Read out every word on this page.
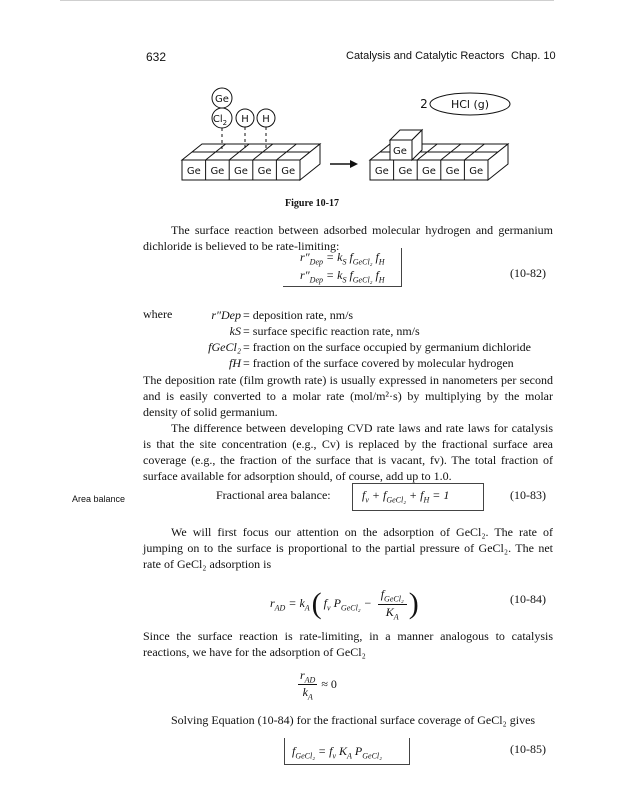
632	Catalysis and Catalytic Reactors Chap. 10
Ge Ge Ge Ge Ge	Ge Ge Ge Ge Ge
Ge
Ge
$Cl_2$ H H
HCl (g)
2
Figure 10-17

The surface reaction between adsorbed molecular hydrogen and germanium dichloride is believed to be rate-limiting:

$r''_{Dep} = k_S$ $f_{GeCl_2}$ $f_H$
$r''_{Dep} = k_S$ $f_{GeCl_2}$ $f_H$	(10-82)
where	r″Dep = deposition rate, nm/s
kS = surface specific reaction rate, nm/s
fGeCl₂ = fraction on the surface occupied by germanium dichloride
fH = fraction of the surface covered by molecular hydrogen

The deposition rate (film growth rate) is usually expressed in nanometers per second and is easily converted to a molar rate (mol/m²·s) by multiplying by the molar density of solid germanium.

The difference between developing CVD rate laws and rate laws for catalysis is that the site concentration (e.g., Cv) is replaced by the fractional surface area coverage (e.g., the fraction of the surface that is vacant, fv). The total fraction of surface available for adsorption should, of course, add up to 1.0.

Area balance	Fractional area balance:	$f_v + f_{GeCl_2} + f_H = 1$	(10-83)

We will first focus our attention on the adsorption of GeCl₂. The rate of jumping on to the surface is proportional to the partial pressure of GeCl₂. The net rate of GeCl₂ adsorption is

$r_{AD} = k_A$ ( $f_v$ $P_{GeCl_2}$ −
$f_{GeCl_2}$
$K_A$ )	(10-84)

Since the surface reaction is rate-limiting, in a manner analogous to catalysis reactions, we have for the adsorption of GeCl₂

$r_{AD}$
$k_A$
≈ 0

Solving Equation (10-84) for the fractional surface coverage of GeCl₂ gives

$f_{GeCl_2} = f_v$ $K_A$ $P_{GeCl_2}$	(10-85)
